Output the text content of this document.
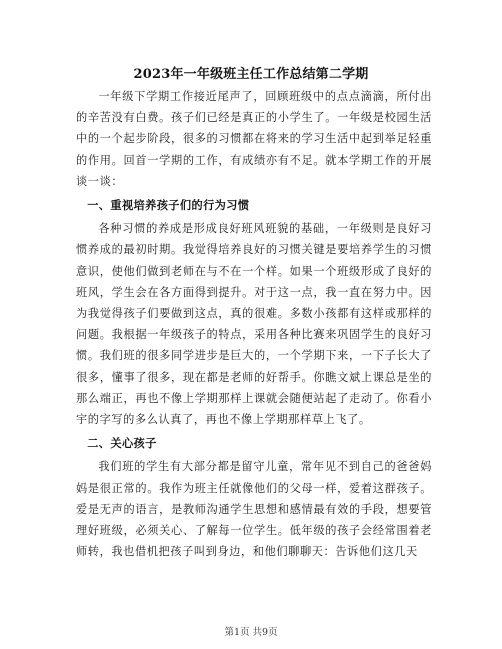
2023年一年级班主任工作总结第二学期

一年级下学期工作接近尾声了，回顾班级中的点点滴滴，所付出的辛苦没有白费。孩子们已经是真正的小学生了。一年级是校园生活中的一个起步阶段，很多的习惯都在将来的学习生活中起到举足轻重的作用。回首一学期的工作，有成绩亦有不足。就本学期工作的开展谈一谈：

一、重视培养孩子们的行为习惯

各种习惯的养成是形成良好班风班貌的基础，一年级则是良好习惯养成的最初时期。我觉得培养良好的习惯关键是要培养学生的习惯意识，使他们做到老师在与不在一个样。如果一个班级形成了良好的班风，学生会在各方面得到提升。对于这一点，我一直在努力中。因为我觉得孩子们要做到这点，真的很难。多数小孩都有这样或那样的问题。我根据一年级孩子的特点，采用各种比赛来巩固学生的良好习惯。我们班的很多同学进步是巨大的，一个学期下来，一下子长大了很多，懂事了很多，现在都是老师的好帮手。你瞧文斌上课总是坐的那么端正，再也不像上学期那样上课就会随便站起了走动了。你看小宇的字写的多么认真了，再也不像上学期那样草上飞了。

二、关心孩子

我们班的学生有大部分都是留守儿童，常年见不到自己的爸爸妈妈是很正常的。我作为班主任就像他们的父母一样，爱着这群孩子。爱是无声的语言，是教师沟通学生思想和感情最有效的手段，想要管理好班级，必须关心、了解每一位学生。低年级的孩子会经常围着老师转，我也借机把孩子叫到身边，和他们聊聊天：告诉他们这几天

第1页 共9页
